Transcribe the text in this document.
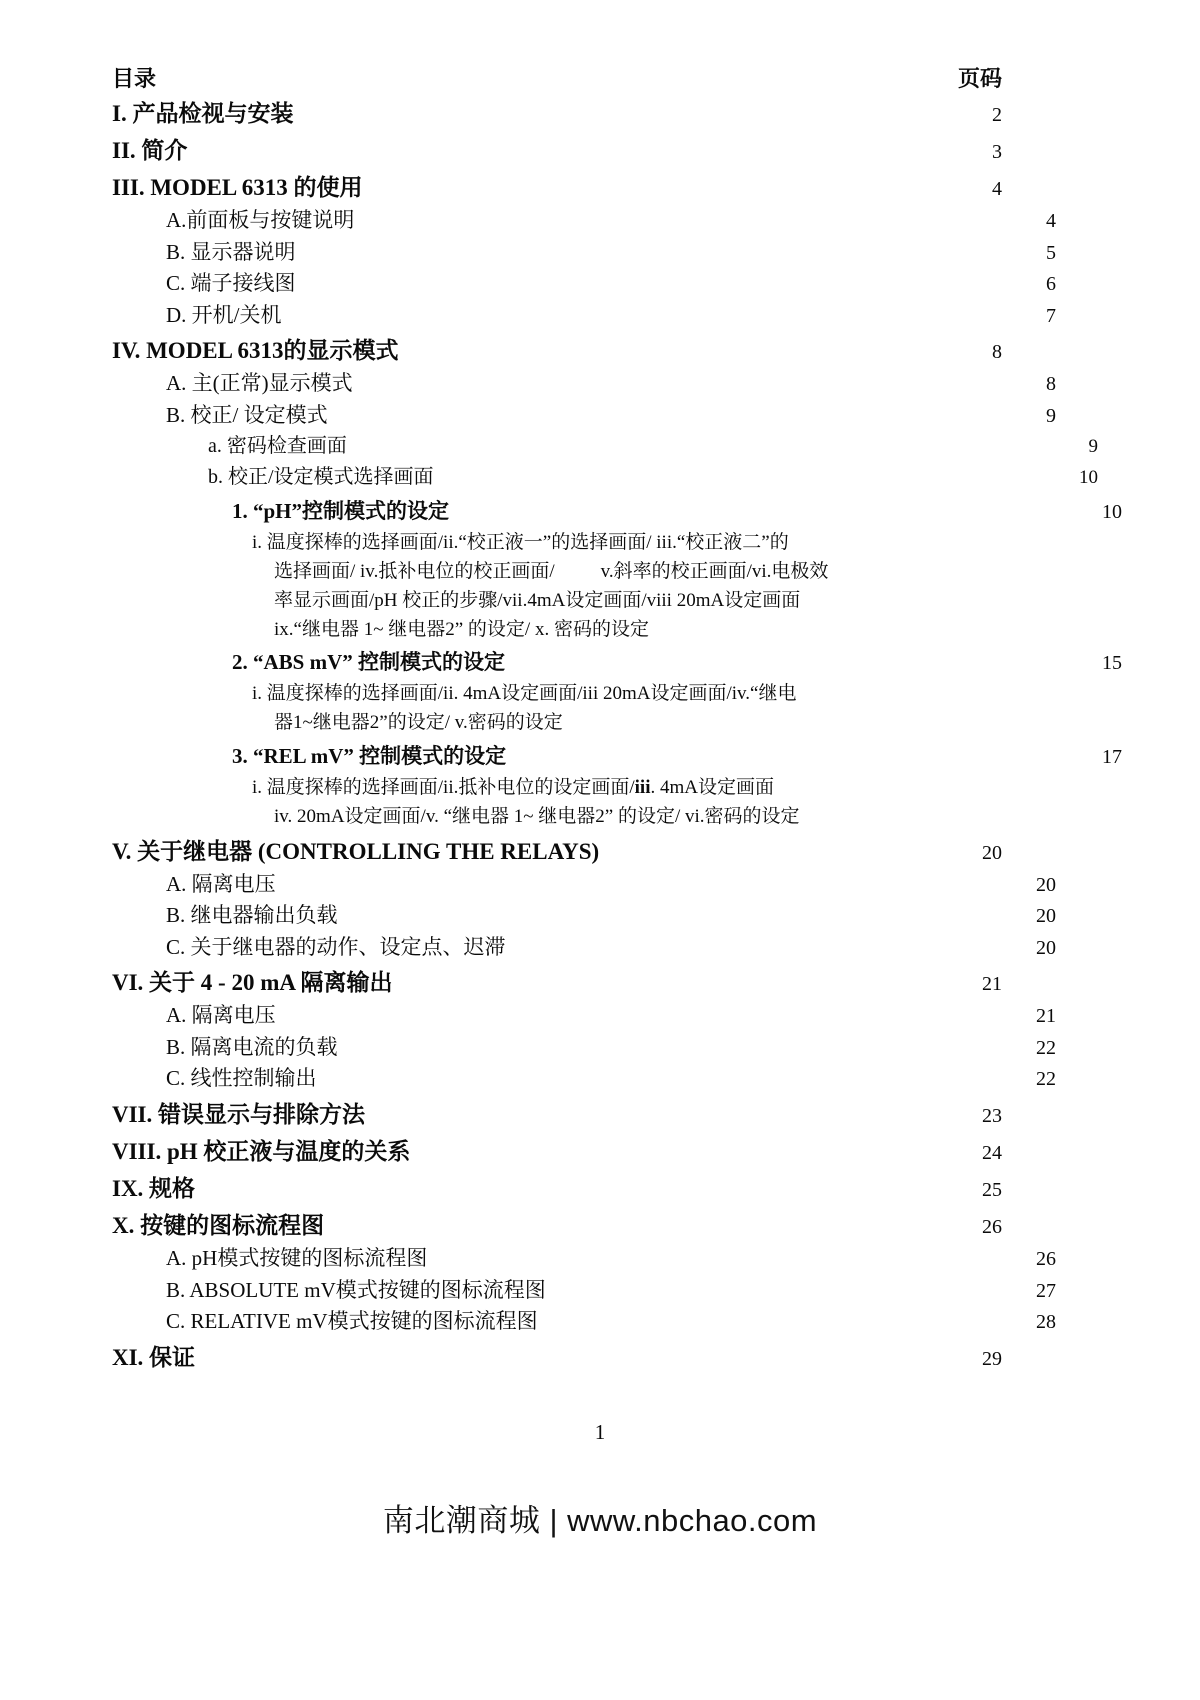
目录	页码
I. 产品检视与安装	2
II. 简介	3
III. MODEL 6313 的使用	4
A.前面板与按键说明	4
B. 显示器说明	5
C. 端子接线图	6
D. 开机/关机	7
IV. MODEL 6313的显示模式	8
A. 主(正常)显示模式	8
B. 校正/ 设定模式	9
a. 密码检查画面	9
b. 校正/设定模式选择画面	10
1. “pH”控制模式的设定	10
i. 温度探棒的选择画面/ii.“校正液一”的选择画面/ iii.“校正液二”的
选择画面/ iv.抵补电位的校正画面/ v.斜率的校正画面/vi.电极效
率显示画面/pH 校正的步骤/vii.4mA设定画面/viii 20mA设定画面
ix.“继电器 1~ 继电器2” 的设定/ x. 密码的设定
2. “ABS mV” 控制模式的设定	15
i. 温度探棒的选择画面/ii. 4mA设定画面/iii 20mA设定画面/iv.“继电
器1~继电器2”的设定/ v.密码的设定
3. “REL mV” 控制模式的设定	17
i. 温度探棒的选择画面/ii.抵补电位的设定画面/iii. 4mA设定画面
iv. 20mA设定画面/v. “继电器 1~ 继电器2” 的设定/ vi.密码的设定
V. 关于继电器 (CONTROLLING THE RELAYS)	20
A. 隔离电压	20
B. 继电器输出负载	20
C. 关于继电器的动作、设定点、迟滞	20
VI. 关于 4 - 20 mA 隔离输出	21
A. 隔离电压	21
B. 隔离电流的负载	22
C. 线性控制输出	22
VII. 错误显示与排除方法	23
VIII. pH 校正液与温度的关系	24
IX. 规格	25
X. 按键的图标流程图	26
A. pH模式按键的图标流程图	26
B. ABSOLUTE mV模式按键的图标流程图	27
C. RELATIVE mV模式按键的图标流程图	28
XI. 保证	29
1
南北潮商城 | www.nbchao.com
